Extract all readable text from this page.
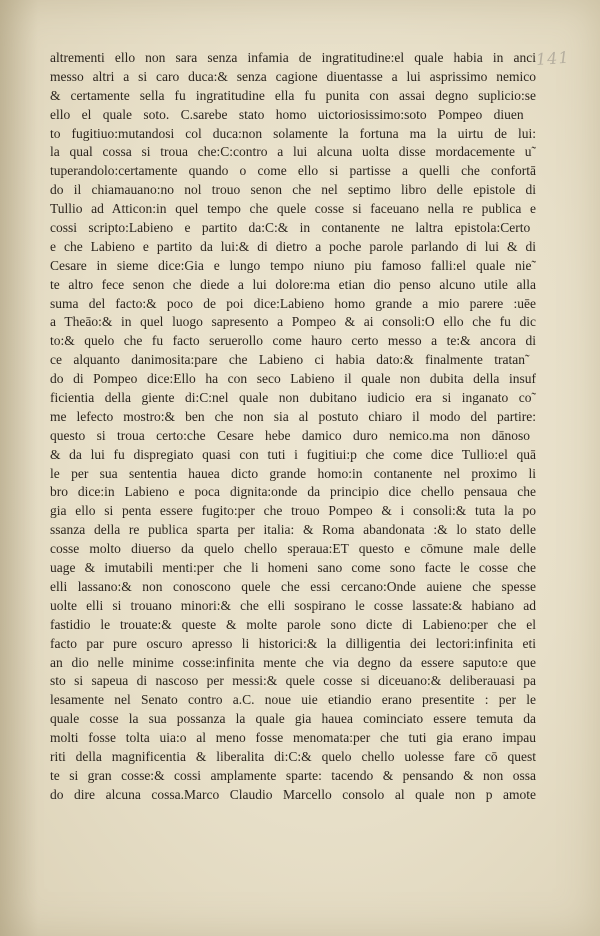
141
altrementi ello non sara senza infamia de ingratitudine:el quale habia in anci
messo altri a si caro duca:& senza cagione diuentasse a lui asprissimo nemico
& certamente sella fu ingratitudine ella fu punita con assai degno suplicio:se
ello el quale soto. C.sarebe stato homo uictoriosissimo:soto Pompeo diuen
to fugitiuo:mutandosi col duca:non solamente la fortuna ma la uirtu de lui:
la qual cossa si troua che:C:contro a lui alcuna uolta disse mordacemente u˜
tuperandolo:certamente quando o come ello si partisse a quelli che confortā
do il chiamauano:no nol trouo senon che nel septimo libro delle epistole di
Tullio ad Atticon:in quel tempo che quele cosse si faceuano nella re publica e
cossi scripto:Labieno e partito da:C:& in contanente ne laltra epistola:Certo
e che Labieno e partito da lui:& di dietro a poche parole parlando di lui & di
Cesare in sieme dice:Gia e lungo tempo niuno piu famoso falli:el quale nie˜
te altro fece senon che diede a lui dolore:ma etian dio penso alcuno utile alla
suma del facto:& poco de poi dice:Labieno homo grande a mio parere :uēe
a Theāo:& in quel luogo sapresento a Pompeo & ai consoli:O ello che fu dic
to:& quelo che fu facto seruerollo come hauro certo messo a te:& ancora di
ce alquanto danimosita:pare che Labieno ci habia dato:& finalmente tratan˜
do di Pompeo dice:Ello ha con seco Labieno il quale non dubita della insuf
ficientia della giente di:C:nel quale non dubitano iudicio era si inganato co˜
me lefecto mostro:& ben che non sia al postuto chiaro il modo del partire:
questo si troua certo:che Cesare hebe damico duro nemico.ma non dānoso
& da lui fu dispregiato quasi con tuti i fugitiui:p che come dice Tullio:el quā
le per sua sententia hauea dicto grande homo:in contanente nel proximo li
bro dice:in Labieno e poca dignita:onde da principio dice chello pensaua che
gia ello si penta essere fugito:per che trouo Pompeo & i consoli:& tuta la po
ssanza della re publica sparta per italia: & Roma abandonata :& lo stato delle
cosse molto diuerso da quelo chello speraua:ET questo e cōmune male delle
uage & imutabili menti:per che li homeni sano come sono facte le cosse che
elli lassano:& non conoscono quele che essi cercano:Onde auiene che spesse
uolte elli si trouano minori:& che elli sospirano le cosse lassate:& habiano ad
fastidio le trouate:& queste & molte parole sono dicte di Labieno:per che el
facto par pure oscuro apresso li historici:& la dilligentia dei lectori:infinita eti
an dio nelle minime cosse:infinita mente che via degno da essere saputo:e que
sto si sapeua di nascoso per messi:& quele cosse si diceuano:& deliberauasi pa
lesamente nel Senato contro a.C. noue uie etiandio erano presentite : per le
quale cosse la sua possanza la quale gia hauea cominciato essere temuta da
molti fosse tolta uia:o al meno fosse menomata:per che tuti gia erano impau
riti della magnificentia & liberalita di:C:& quelo chello uolesse fare cō quest
te si gran cosse:& cossi amplamente sparte: tacendo & pensando & non ossa
do dire alcuna cossa.Marco Claudio Marcello consolo al quale non p amote
